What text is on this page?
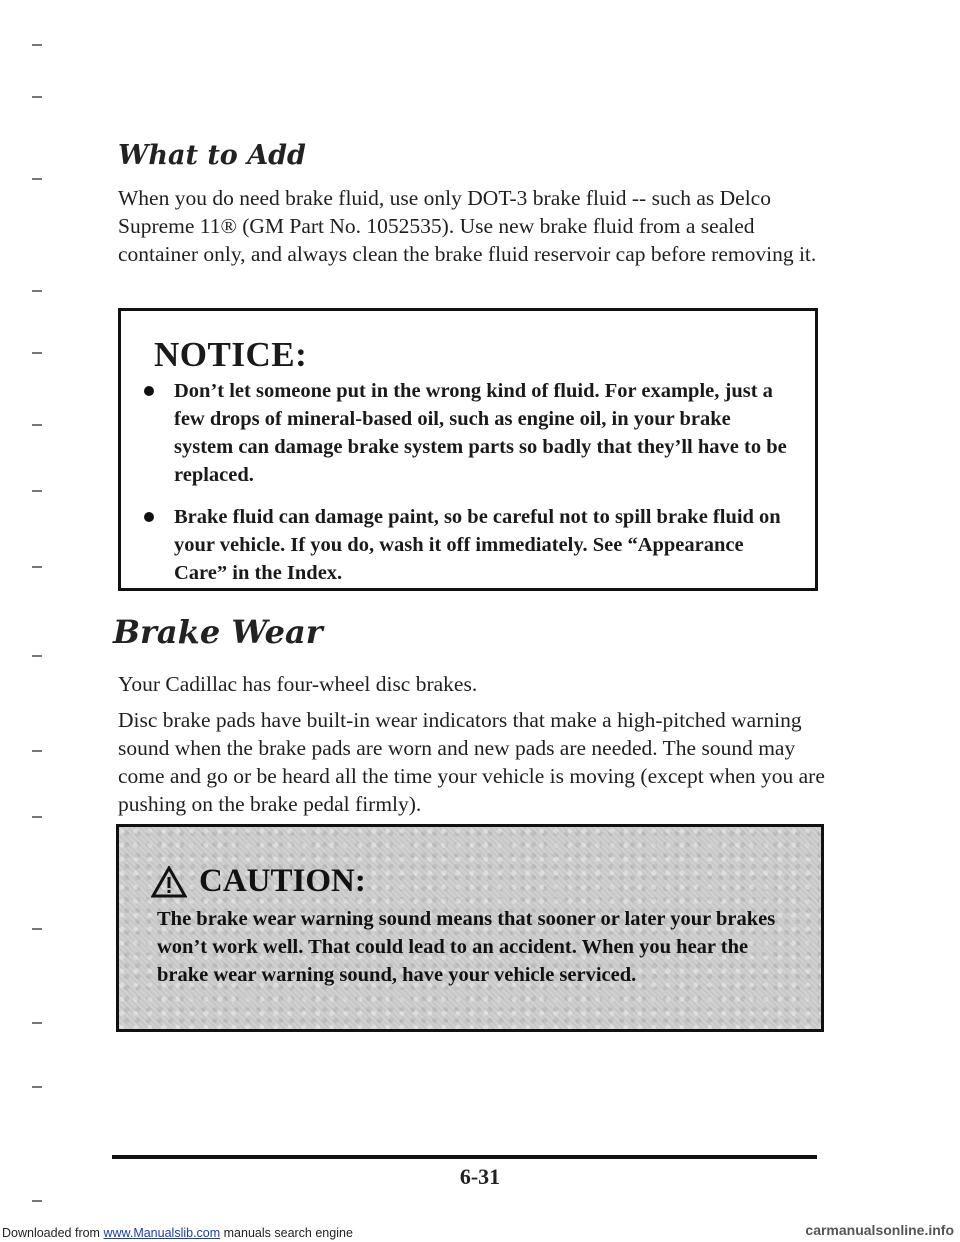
What to Add

When you do need brake fluid, use only DOT-3 brake fluid -- such as Delco Supreme 11® (GM Part No. 1052535). Use new brake fluid from a sealed container only, and always clean the brake fluid reservoir cap before removing it.

NOTICE:
Don’t let someone put in the wrong kind of fluid. For example, just a few drops of mineral-based oil, such as engine oil, in your brake system can damage brake system parts so badly that they’ll have to be replaced.
Brake fluid can damage paint, so be careful not to spill brake fluid on your vehicle. If you do, wash it off immediately. See “Appearance Care” in the Index.
Brake Wear

Your Cadillac has four-wheel disc brakes.

Disc brake pads have built-in wear indicators that make a high-pitched warning sound when the brake pads are worn and new pads are needed. The sound may come and go or be heard all the time your vehicle is moving (except when you are pushing on the brake pedal firmly).

CAUTION:

The brake wear warning sound means that sooner or later your brakes won’t work well. That could lead to an accident. When you hear the brake wear warning sound, have your vehicle serviced.

6-31
Downloaded from www.Manualslib.com manuals search engine	carmanualsonline.info
